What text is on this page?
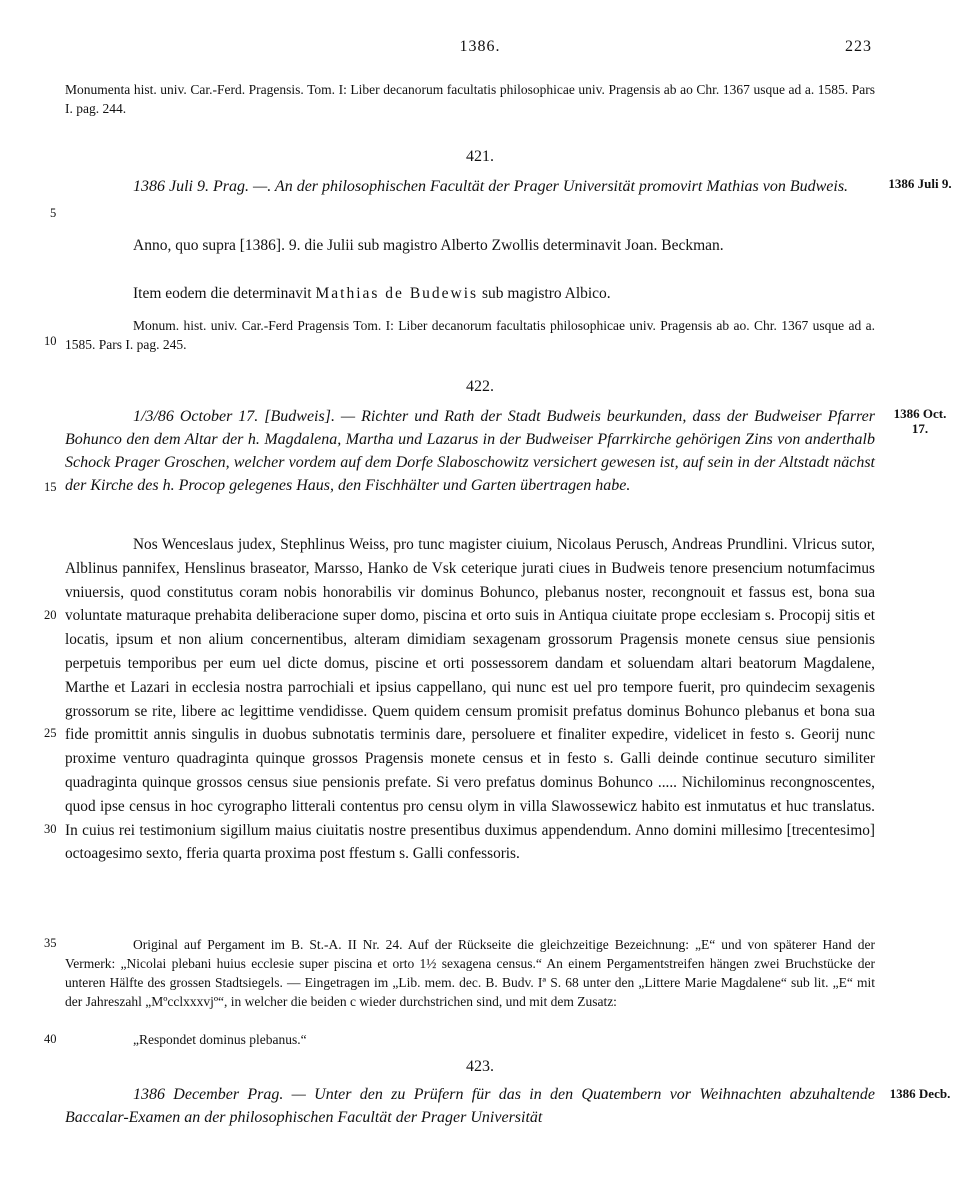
1386.	223
Monumenta hist. univ. Car.-Ferd. Pragensis. Tom. I: Liber decanorum facultatis philosophicae univ. Pragensis ab ao Chr. 1367 usque ad a. 1585. Pars I. pag. 244.
421.
1386 Juli 9. Prag. —. An der philosophischen Facultät der Prager Universität promovirt Mathias von Budweis.	1386 Juli 9.
Anno, quo supra [1386]. 9. die Julii sub magistro Alberto Zwollis determinavit Joan. Beckman.
Item eodem die determinavit Mathias de Budewis sub magistro Albico.
Monum. hist. univ. Car.-Ferd Pragensis Tom. I: Liber decanorum facultatis philosophicae univ. Pragensis ab ao. Chr. 1367 usque ad a. 1585. Pars I. pag. 245.
422.
1/3/86 October 17. [Budweis]. — Richter und Rath der Stadt Budweis beurkunden, dass der Budweiser Pfarrer Bohunco den dem Altar der h. Magdalena, Martha und Lazarus in der Budweiser Pfarrkirche gehörigen Zins von anderthalb Schock Prager Groschen, welcher vordem auf dem Dorfe Slaboschowitz versichert gewesen ist, auf sein in der Altstadt nächst der Kirche des h. Procop gelegenes Haus, den Fischhälter und Garten übertragen habe.
1386 Oct. 17.
Nos Wenceslaus judex, Stephlinus Weiss, pro tunc magister ciuium, Nicolaus Perusch, Andreas Prundlini. Vlricus sutor, Alblinus pannifex, Henslinus braseator, Marsso, Hanko de Vsk ceterique jurati ciues in Budweis tenore presencium notumfacimus vniuersis, quod constitutus coram nobis honorabilis vir dominus Bohunco, plebanus noster, recongnouit et fassus est, bona sua voluntate maturaque prehabita deliberacione super domo, piscina et orto suis in Antiqua ciuitate prope ecclesiam s. Procopij sitis et locatis, ipsum et non alium concernentibus, alteram dimidiam sexagenam grossorum Pragensis monete census siue pensionis perpetuis temporibus per eum uel dicte domus, piscine et orti possessorem dandam et soluendam altari beatorum Magdalene, Marthe et Lazari in ecclesia nostra parrochiali et ipsius cappellano, qui nunc est uel pro tempore fuerit, pro quindecim sexagenis grossorum se rite, libere ac legittime vendidisse. Quem quidem censum promisit prefatus dominus Bohunco plebanus et bona sua fide promittit annis singulis in duobus subnotatis terminis dare, persoluere et finaliter expedire, videlicet in festo s. Georij nunc proxime venturo quadraginta quinque grossos Pragensis monete census et in festo s. Galli deinde continue secuturo similiter quadraginta quinque grossos census siue pensionis prefate. Si vero prefatus dominus Bohunco ..... Nichilominus recongnoscentes, quod ipse census in hoc cyrographo litterali contentus pro censu olym in villa Slawossewicz habito est inmutatus et huc translatus. In cuius rei testimonium sigillum maius ciuitatis nostre presentibus duximus appendendum. Anno domini millesimo [trecentesimo] octoagesimo sexto, fferia quarta proxima post ffestum s. Galli confessoris.
Original auf Pergament im B. St.-A. II Nr. 24. Auf der Rückseite die gleichzeitige Bezeichnung: „E“ und von späterer Hand der Vermerk: „Nicolai plebani huius ecclesie super piscina et orto 1½ sexagena census.“ An einem Pergamentstreifen hängen zwei Bruchstücke der unteren Hälfte des grossen Stadtsiegels. — Eingetragen im „Lib. mem. dec. B. Budv. Iª S. 68 unter den „Littere Marie Magdalene“ sub lit. „E“ mit der Jahreszahl „Mºcclxxxvjº“, in welcher die beiden c wieder durchstrichen sind, und mit dem Zusatz:
„Respondet dominus plebanus.“
423.
1386 December Prag. — Unter den zu Prüfern für das in den Quatembern vor Weihnachten abzuhaltende Baccalar-Examen an der philosophischen Facultät der Prager Universität
1386 Decb.
5
10
15
20
25
30
35
40
